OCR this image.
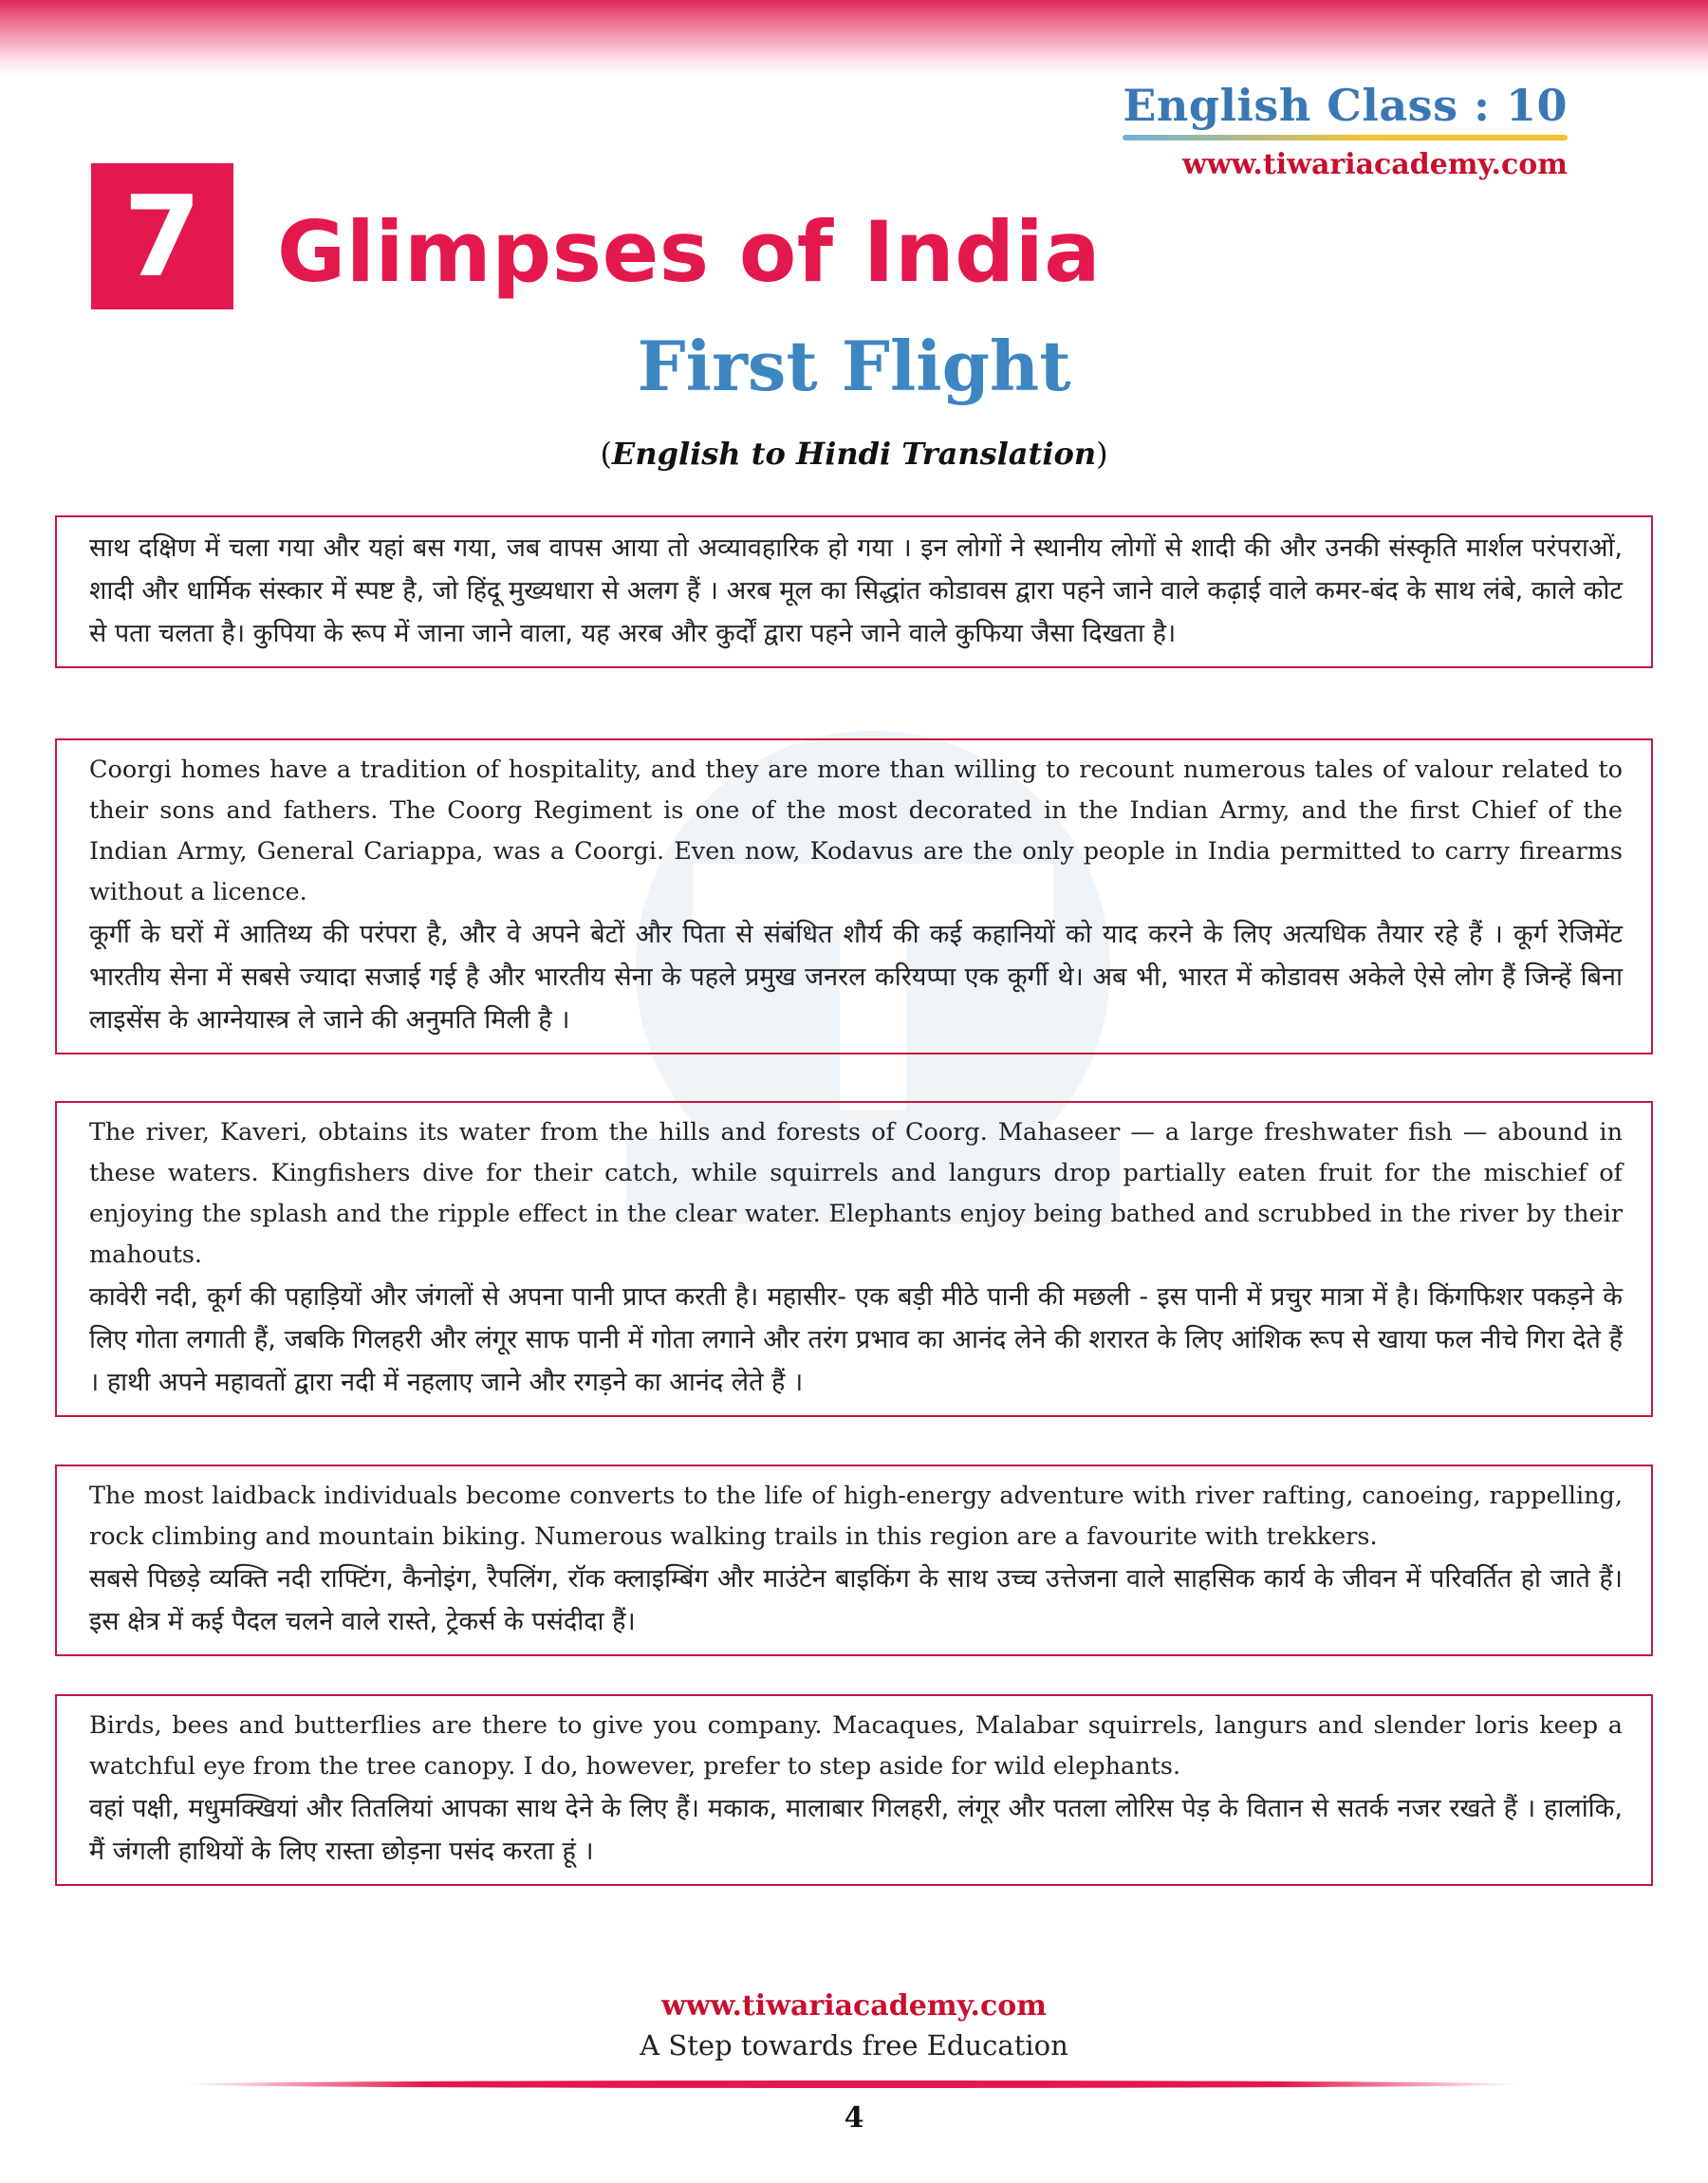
English Class : 10
www.tiwariacademy.com
7 Glimpses of India
First Flight
(English to Hindi Translation)

साथ दक्षिण में चला गया और यहां बस गया, जब वापस आया तो अव्यावहारिक हो गया । इन लोगों ने स्थानीय लोगों से शादी की और उनकी संस्कृति मार्शल परंपराओं, शादी और धार्मिक संस्कार में स्पष्ट है, जो हिंदू मुख्यधारा से अलग हैं । अरब मूल का सिद्धांत कोडावस द्वारा पहने जाने वाले कढ़ाई वाले कमर-बंद के साथ लंबे, काले कोट से पता चलता है। कुपिया के रूप में जाना जाने वाला, यह अरब और कुर्दों द्वारा पहने जाने वाले कुफिया जैसा दिखता है।

Coorgi homes have a tradition of hospitality, and they are more than willing to recount numerous tales of valour related to their sons and fathers. The Coorg Regiment is one of the most decorated in the Indian Army, and the first Chief of the Indian Army, General Cariappa, was a Coorgi. Even now, Kodavus are the only people in India permitted to carry firearms without a licence.

कूर्गी के घरों में आतिथ्य की परंपरा है, और वे अपने बेटों और पिता से संबंधित शौर्य की कई कहानियों को याद करने के लिए अत्यधिक तैयार रहे हैं । कूर्ग रेजिमेंट भारतीय सेना में सबसे ज्यादा सजाई गई है और भारतीय सेना के पहले प्रमुख जनरल करियप्पा एक कूर्गी थे। अब भी, भारत में कोडावस अकेले ऐसे लोग हैं जिन्हें बिना लाइसेंस के आग्नेयास्त्र ले जाने की अनुमति मिली है ।

The river, Kaveri, obtains its water from the hills and forests of Coorg. Mahaseer — a large freshwater fish — abound in these waters. Kingfishers dive for their catch, while squirrels and langurs drop partially eaten fruit for the mischief of enjoying the splash and the ripple effect in the clear water. Elephants enjoy being bathed and scrubbed in the river by their mahouts.

कावेरी नदी, कूर्ग की पहाड़ियों और जंगलों से अपना पानी प्राप्त करती है। महासीर- एक बड़ी मीठे पानी की मछली - इस पानी में प्रचुर मात्रा में है। किंगफिशर पकड़ने के लिए गोता लगाती हैं, जबकि गिलहरी और लंगूर साफ पानी में गोता लगाने और तरंग प्रभाव का आनंद लेने की शरारत के लिए आंशिक रूप से खाया फल नीचे गिरा देते हैं । हाथी अपने महावतों द्वारा नदी में नहलाए जाने और रगड़ने का आनंद लेते हैं ।

The most laidback individuals become converts to the life of high-energy adventure with river rafting, canoeing, rappelling, rock climbing and mountain biking. Numerous walking trails in this region are a favourite with trekkers.

सबसे पिछड़े व्यक्ति नदी राफ्टिंग, कैनोइंग, रैपलिंग, रॉक क्लाइम्बिंग और माउंटेन बाइकिंग के साथ उच्च उत्तेजना वाले साहसिक कार्य के जीवन में परिवर्तित हो जाते हैं। इस क्षेत्र में कई पैदल चलने वाले रास्ते, ट्रेकर्स के पसंदीदा हैं।

Birds, bees and butterflies are there to give you company. Macaques, Malabar squirrels, langurs and slender loris keep a watchful eye from the tree canopy. I do, however, prefer to step aside for wild elephants.

वहां पक्षी, मधुमक्खियां और तितलियां आपका साथ देने के लिए हैं। मकाक, मालाबार गिलहरी, लंगूर और पतला लोरिस पेड़ के वितान से सतर्क नजर रखते हैं । हालांकि, मैं जंगली हाथियों के लिए रास्ता छोड़ना पसंद करता हूं ।

www.tiwariacademy.com
A Step towards free Education
4
